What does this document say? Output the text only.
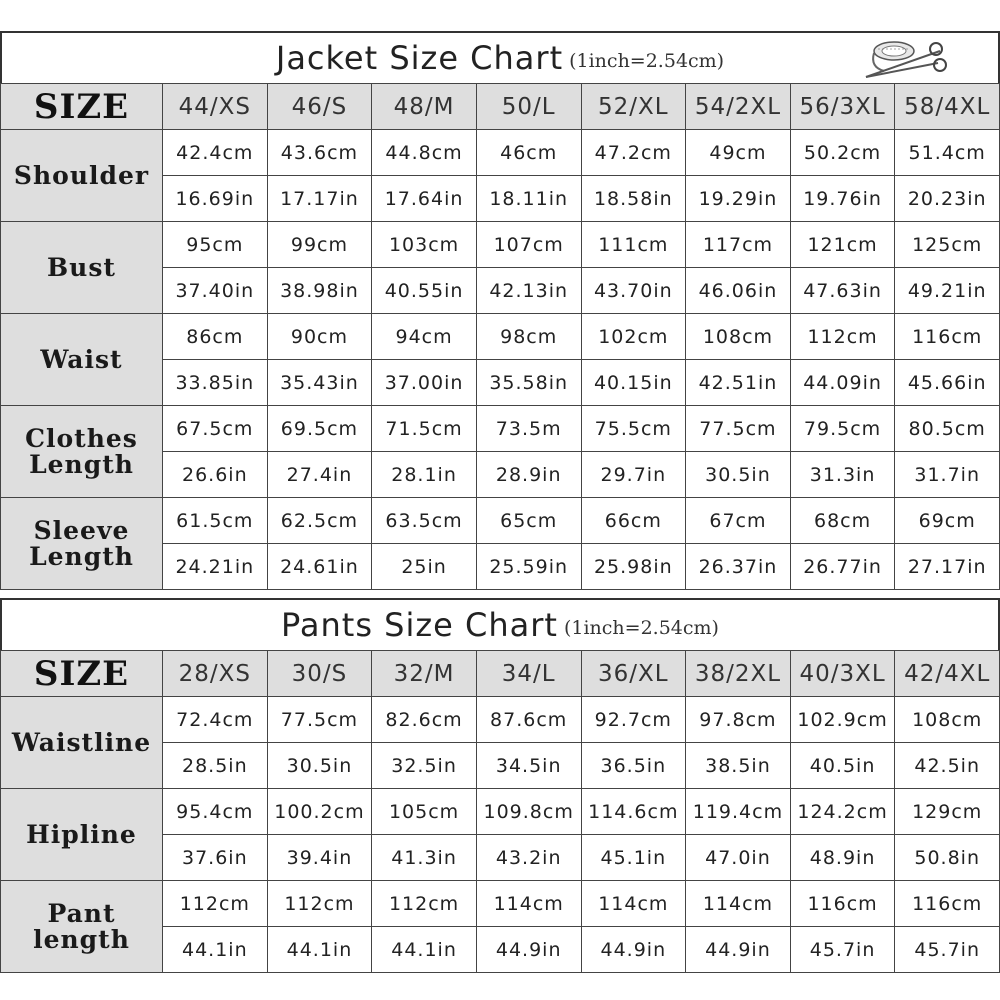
Jacket Size Chart (1inch=2.54cm)
SIZE	44/XS	46/S	48/M	50/L	52/XL	54/2XL	56/3XL	58/4XL
Shoulder	42.4cm	43.6cm	44.8cm	46cm	47.2cm	49cm	50.2cm	51.4cm
	16.69in	17.17in	17.64in	18.11in	18.58in	19.29in	19.76in	20.23in
Bust	95cm	99cm	103cm	107cm	111cm	117cm	121cm	125cm
	37.40in	38.98in	40.55in	42.13in	43.70in	46.06in	47.63in	49.21in
Waist	86cm	90cm	94cm	98cm	102cm	108cm	112cm	116cm
	33.85in	35.43in	37.00in	35.58in	40.15in	42.51in	44.09in	45.66in
Clothes Length	67.5cm	69.5cm	71.5cm	73.5m	75.5cm	77.5cm	79.5cm	80.5cm
	26.6in	27.4in	28.1in	28.9in	29.7in	30.5in	31.3in	31.7in
Sleeve Length	61.5cm	62.5cm	63.5cm	65cm	66cm	67cm	68cm	69cm
	24.21in	24.61in	25in	25.59in	25.98in	26.37in	26.77in	27.17in
Pants Size Chart (1inch=2.54cm)
SIZE	28/XS	30/S	32/M	34/L	36/XL	38/2XL	40/3XL	42/4XL
Waistline	72.4cm	77.5cm	82.6cm	87.6cm	92.7cm	97.8cm	102.9cm	108cm
	28.5in	30.5in	32.5in	34.5in	36.5in	38.5in	40.5in	42.5in
Hipline	95.4cm	100.2cm	105cm	109.8cm	114.6cm	119.4cm	124.2cm	129cm
	37.6in	39.4in	41.3in	43.2in	45.1in	47.0in	48.9in	50.8in
Pant length	112cm	112cm	112cm	114cm	114cm	114cm	116cm	116cm
	44.1in	44.1in	44.1in	44.9in	44.9in	44.9in	45.7in	45.7in
